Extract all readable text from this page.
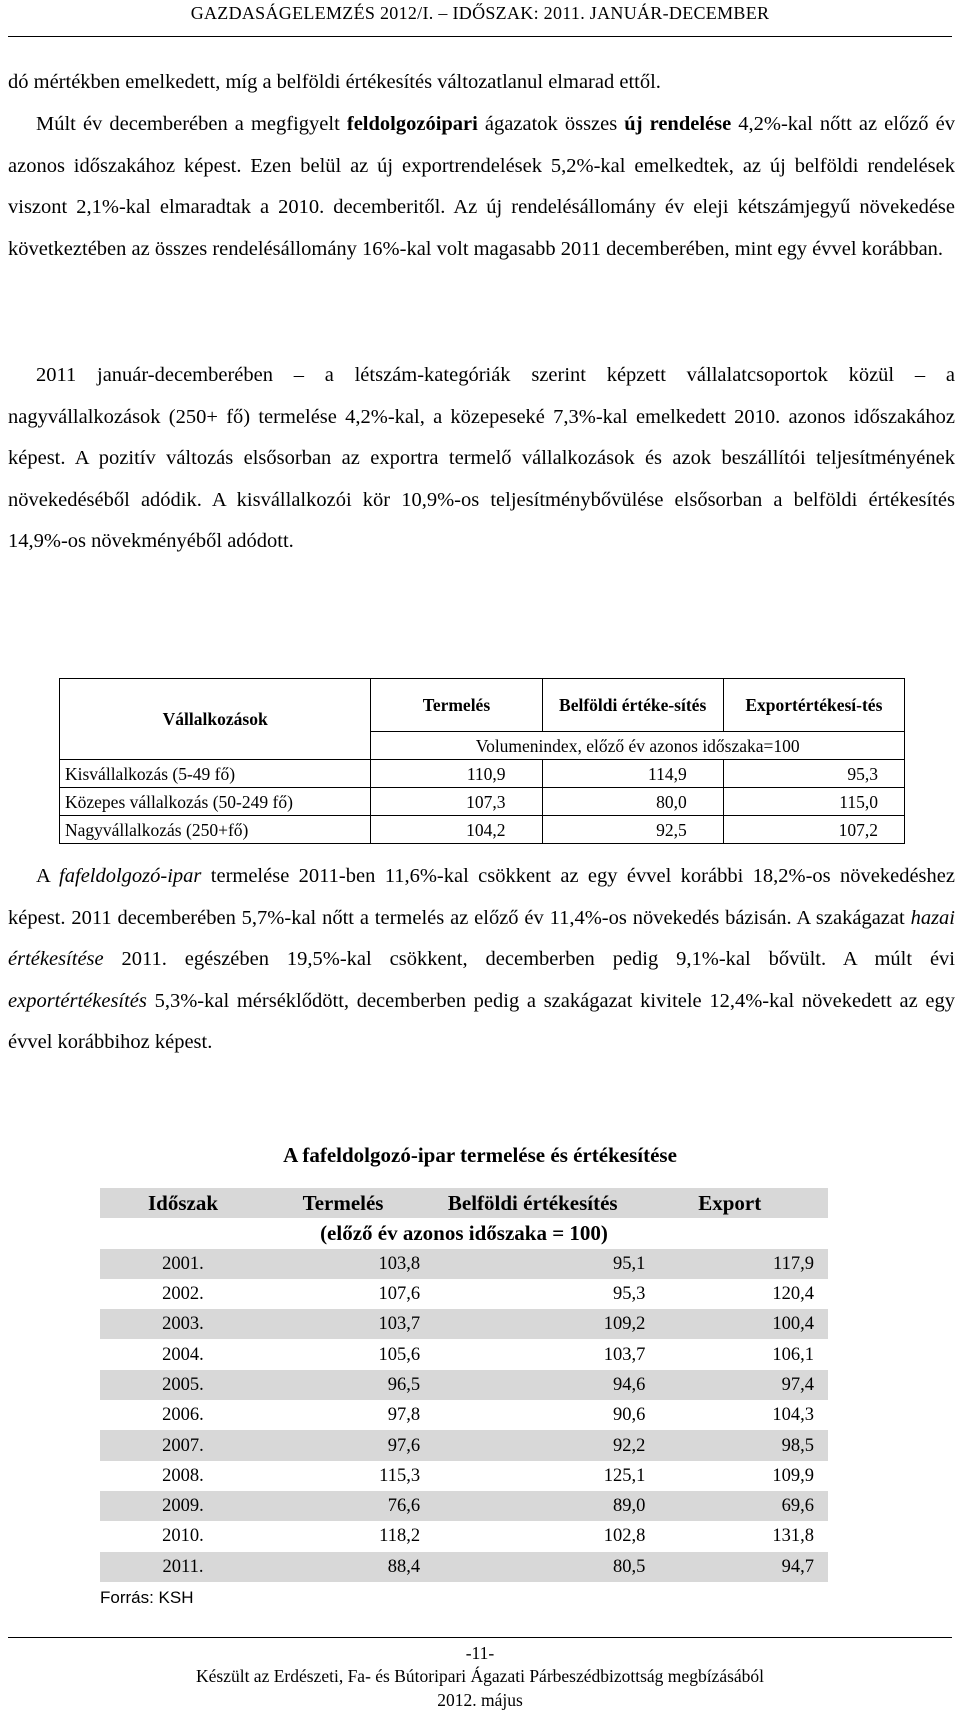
GAZDASÁGELEMZÉS 2012/I. – IDŐSZAK: 2011. JANUÁR-DECEMBER

dó mértékben emelkedett, míg a belföldi értékesítés változatlanul elmarad ettől.

Múlt év decemberében a megfigyelt feldolgozóipari ágazatok összes új rendelése 4,2%-kal nőtt az előző év azonos időszakához képest. Ezen belül az új exportrendelések 5,2%-kal emelkedtek, az új belföldi rendelések viszont 2,1%-kal elmaradtak a 2010. decemberitől. Az új rendelésállomány év eleji kétszámjegyű növekedése következtében az összes rendelésállomány 16%-kal volt magasabb 2011 decemberében, mint egy évvel korábban.

2011 január-decemberében – a létszám-kategóriák szerint képzett vállalatcsoportok közül – a nagyvállalkozások (250+ fő) termelése 4,2%-kal, a közepeseké 7,3%-kal emelkedett 2010. azonos időszakához képest. A pozitív változás elsősorban az exportra termelő vállalkozások és azok beszállítói teljesítményének növekedéséből adódik. A kisvállalkozói kör 10,9%-os teljesítménybővülése elsősorban a belföldi értékesítés 14,9%-os növekményéből adódott.

Vállalkozások	Termelés	Belföldi értéke-sítés	Exportértékesí-tés
	Volumenindex, előző év azonos időszaka=100		
Kisvállalkozás (5-49 fő)	110,9	114,9	95,3
Közepes vállalkozás (50-249 fő)	107,3	80,0	115,0
Nagyvállalkozás (250+fő)	104,2	92,5	107,2

A fafeldolgozó-ipar termelése 2011-ben 11,6%-kal csökkent az egy évvel korábbi 18,2%-os növekedéshez képest. 2011 decemberében 5,7%-kal nőtt a termelés az előző év 11,4%-os növekedés bázisán. A szakágazat hazai értékesítése 2011. egészében 19,5%-kal csökkent, decemberben pedig 9,1%-kal bővült. A múlt évi exportértékesítés 5,3%-kal mérséklődött, decemberben pedig a szakágazat kivitele 12,4%-kal növekedett az egy évvel korábbihoz képest.

A fafeldolgozó-ipar termelése és értékesítése
Időszak	Termelés	Belföldi értékesítés	Export
(előző év azonos időszaka = 100)			
2001.	103,8	95,1	117,9
2002.	107,6	95,3	120,4
2003.	103,7	109,2	100,4
2004.	105,6	103,7	106,1
2005.	96,5	94,6	97,4
2006.	97,8	90,6	104,3
2007.	97,6	92,2	98,5
2008.	115,3	125,1	109,9
2009.	76,6	89,0	69,6
2010.	118,2	102,8	131,8
2011.	88,4	80,5	94,7
Forrás: KSH
-11-
Készült az Erdészeti, Fa- és Bútoripari Ágazati Párbeszédbizottság megbízásából
2012. május
